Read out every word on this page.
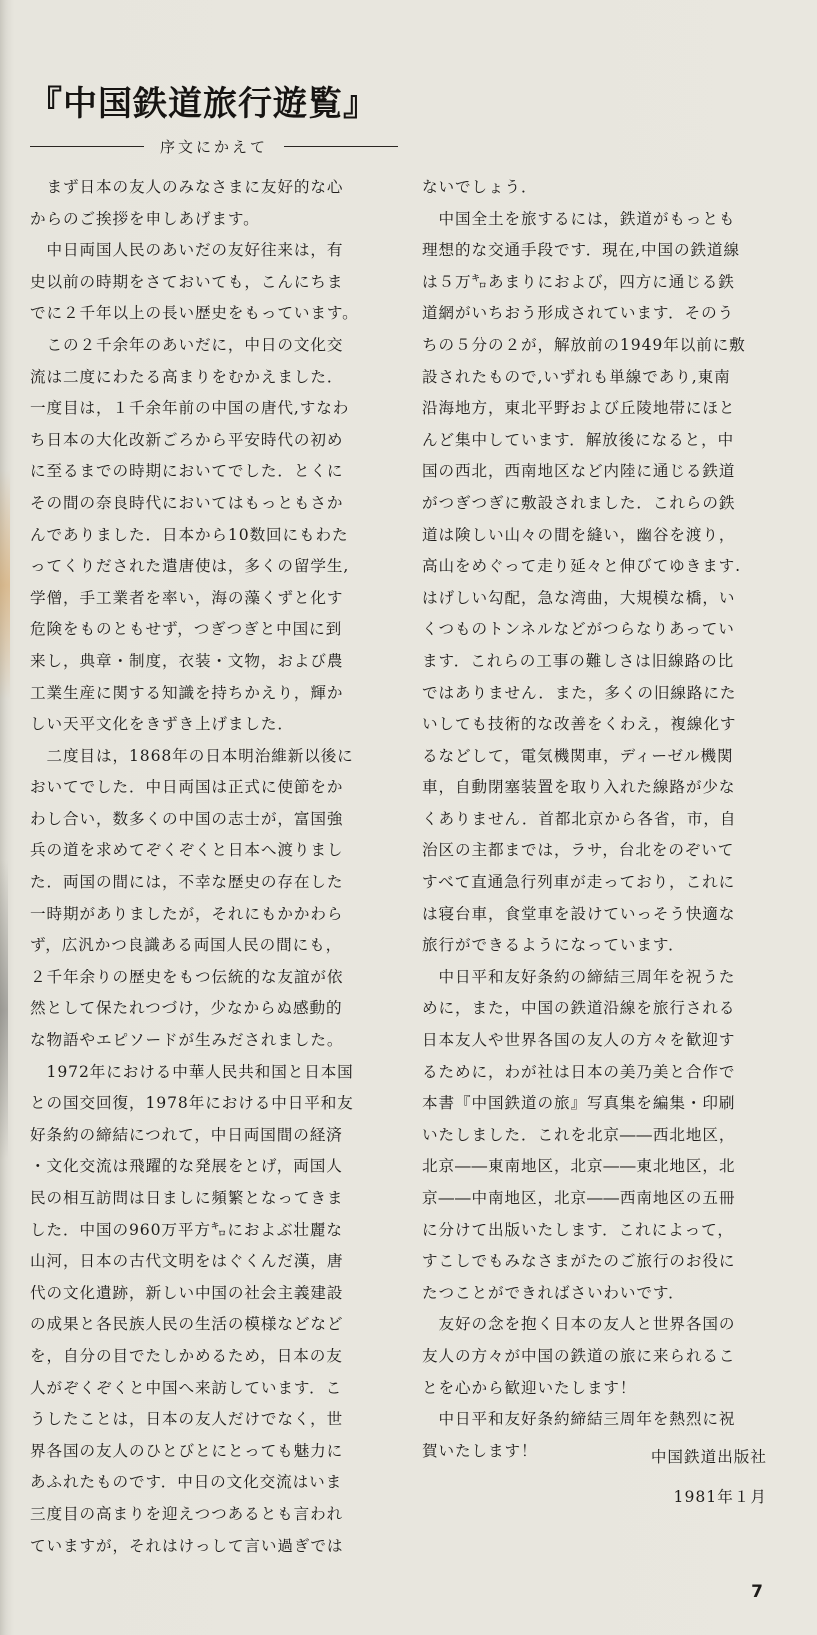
『中国鉄道旅行遊覧』
序文にかえて

　まず日本の友人のみなさまに友好的な心
からのご挨拶を申しあげます。

　中日両国人民のあいだの友好往来は，有
史以前の時期をさておいても，こんにちま
でに２千年以上の長い歴史をもっています。

　この２千余年のあいだに，中日の文化交
流は二度にわたる高まりをむかえました．
一度目は，１千余年前の中国の唐代,すなわ
ち日本の大化改新ごろから平安時代の初め
に至るまでの時期においてでした．とくに
その間の奈良時代においてはもっともさか
んでありました．日本から10数回にもわた
ってくりだされた遣唐使は，多くの留学生,
学僧，手工業者を率い，海の藻くずと化す
危険をものともせず，つぎつぎと中国に到
来し，典章・制度，衣装・文物，および農
工業生産に関する知識を持ちかえり，輝か
しい天平文化をきずき上げました．

　二度目は，1868年の日本明治維新以後に
おいてでした．中日両国は正式に使節をか
わし合い，数多くの中国の志士が，富国強
兵の道を求めてぞくぞくと日本へ渡りまし
た．両国の間には，不幸な歴史の存在した
一時期がありましたが，それにもかかわら
ず，広汎かつ良識ある両国人民の間にも，
２千年余りの歴史をもつ伝統的な友誼が依
然として保たれつづけ，少なからぬ感動的
な物語やエピソードが生みだされました。

　1972年における中華人民共和国と日本国
との国交回復，1978年における中日平和友
好条約の締結につれて，中日両国間の経済
・文化交流は飛躍的な発展をとげ，両国人
民の相互訪問は日ましに頻繁となってきま
した．中国の960万平方㌔におよぶ壮麗な
山河，日本の古代文明をはぐくんだ漢，唐
代の文化遺跡，新しい中国の社会主義建設
の成果と各民族人民の生活の模様などなど
を，自分の目でたしかめるため，日本の友
人がぞくぞくと中国へ来訪しています．こ
うしたことは，日本の友人だけでなく，世
界各国の友人のひとびとにとっても魅力に
あふれたものです．中日の文化交流はいま
三度目の高まりを迎えつつあるとも言われ
ていますが，それはけっして言い過ぎでは

ないでしょう．

　中国全土を旅するには，鉄道がもっとも
理想的な交通手段です．現在,中国の鉄道線
は５万㌔あまりにおよび，四方に通じる鉄
道網がいちおう形成されています．そのう
ちの５分の２が，解放前の1949年以前に敷
設されたもので,いずれも単線であり,東南
沿海地方，東北平野および丘陵地帯にほと
んど集中しています．解放後になると，中
国の西北，西南地区など内陸に通じる鉄道
がつぎつぎに敷設されました．これらの鉄
道は険しい山々の間を縫い，幽谷を渡り，
高山をめぐって走り延々と伸びてゆきます.
はげしい勾配，急な湾曲，大規模な橋，い
くつものトンネルなどがつらなりあってい
ます．これらの工事の難しさは旧線路の比
ではありません．また，多くの旧線路にた
いしても技術的な改善をくわえ，複線化す
るなどして，電気機関車，ディーゼル機関
車，自動閉塞装置を取り入れた線路が少な
くありません．首都北京から各省，市，自
治区の主都までは，ラサ，台北をのぞいて
すべて直通急行列車が走っており，これに
は寝台車，食堂車を設けていっそう快適な
旅行ができるようになっています．

　中日平和友好条約の締結三周年を祝うた
めに，また，中国の鉄道沿線を旅行される
日本友人や世界各国の友人の方々を歓迎す
るために，わが社は日本の美乃美と合作で
本書『中国鉄道の旅』写真集を編集・印刷
いたしました．これを北京――西北地区，
北京――東南地区，北京――東北地区，北
京――中南地区，北京――西南地区の五冊
に分けて出版いたします．これによって，
すこしでもみなさまがたのご旅行のお役に
たつことができればさいわいです．

　友好の念を抱く日本の友人と世界各国の
友人の方々が中国の鉄道の旅に来られるこ
とを心から歓迎いたします！

　中日平和友好条約締結三周年を熱烈に祝
賀いたします！	中国鉄道出版社
1981年１月
7
